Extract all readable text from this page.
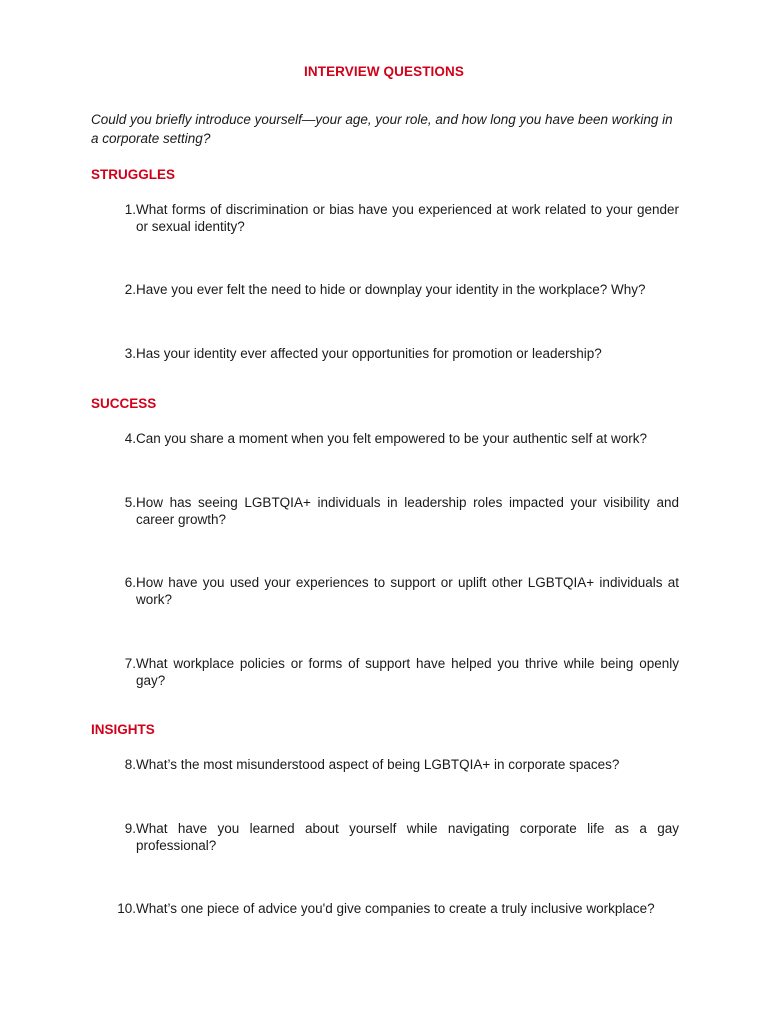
INTERVIEW QUESTIONS
Could you briefly introduce yourself—your age, your role, and how long you have been working in a corporate setting?
STRUGGLES
1. What forms of discrimination or bias have you experienced at work related to your gender or sexual identity?
2. Have you ever felt the need to hide or downplay your identity in the workplace? Why?
3. Has your identity ever affected your opportunities for promotion or leadership?
SUCCESS
4. Can you share a moment when you felt empowered to be your authentic self at work?
5. How has seeing LGBTQIA+ individuals in leadership roles impacted your visibility and career growth?
6. How have you used your experiences to support or uplift other LGBTQIA+ individuals at work?
7. What workplace policies or forms of support have helped you thrive while being openly gay?
INSIGHTS
8. What’s the most misunderstood aspect of being LGBTQIA+ in corporate spaces?
9. What have you learned about yourself while navigating corporate life as a gay professional?
10. What’s one piece of advice you'd give companies to create a truly inclusive workplace?
